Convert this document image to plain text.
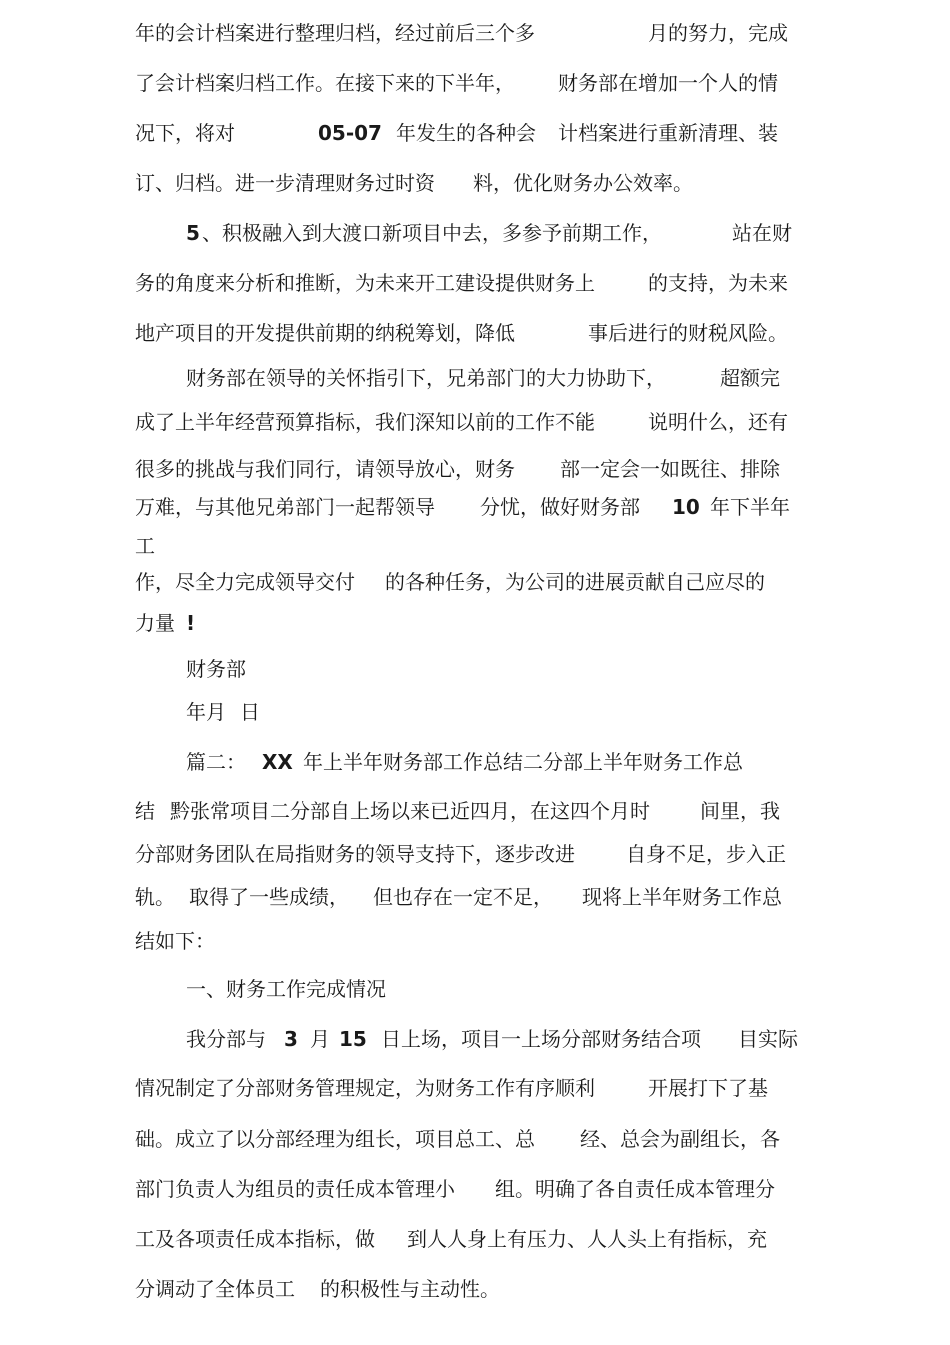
年的会计档案进行整理归档，经过前后三个多	月的努力，完成
了会计档案归档工作。在接下来的下半年， 财务部在增加一个人的情
况下，将对	05-07 年发生的各种会 计档案进行重新清理、装
订、归档。进一步清理财务过时资 料，优化财务办公效率。
5 、积极融入到大渡口新项目中去，多参予前期工作，	站在财
务的角度来分析和推断，为未来开工建设提供财务上	的支持，为未来
地产项目的开发提供前期的纳税筹划，降低	事后进行的财税风险。
财务部在领导的关怀指引下，兄弟部门的大力协助下，	超额完
成了上半年经营预算指标，我们深知以前的工作不能	说明什么，还有
很多的挑战与我们同行，请领导放心，财务 部一定会一如既往、排除
万难，与其他兄弟部门一起帮领导 分忧，做好财务部 10 年下半年
工
作，尽全力完成领导交付 的各种任务，为公司的进展贡献自己应尽的
力量 !
财务部
年月 日
篇二： XX 年上半年财务部工作总结二分部上半年财务工作总
结 黔张常项目二分部自上场以来已近四月，在这四个月时	间里，我
分部财务团队在局指财务的领导支持下，逐步改进	自身不足，步入正
轨。 取得了一些成绩， 但也存在一定不足， 现将上半年财务工作总
结如下：
一、财务工作完成情况
我分部与 3 月 15 日上场，项目一上场分部财务结合项 目实际
情况制定了分部财务管理规定，为财务工作有序顺利	开展打下了基
础。成立了以分部经理为组长，项目总工、总 经、总会为副组长，各
部门负责人为组员的责任成本管理小 组。明确了各自责任成本管理分
工及各项责任成本指标，做 到人人身上有压力、人人头上有指标，充
分调动了全体员工 的积极性与主动性。
